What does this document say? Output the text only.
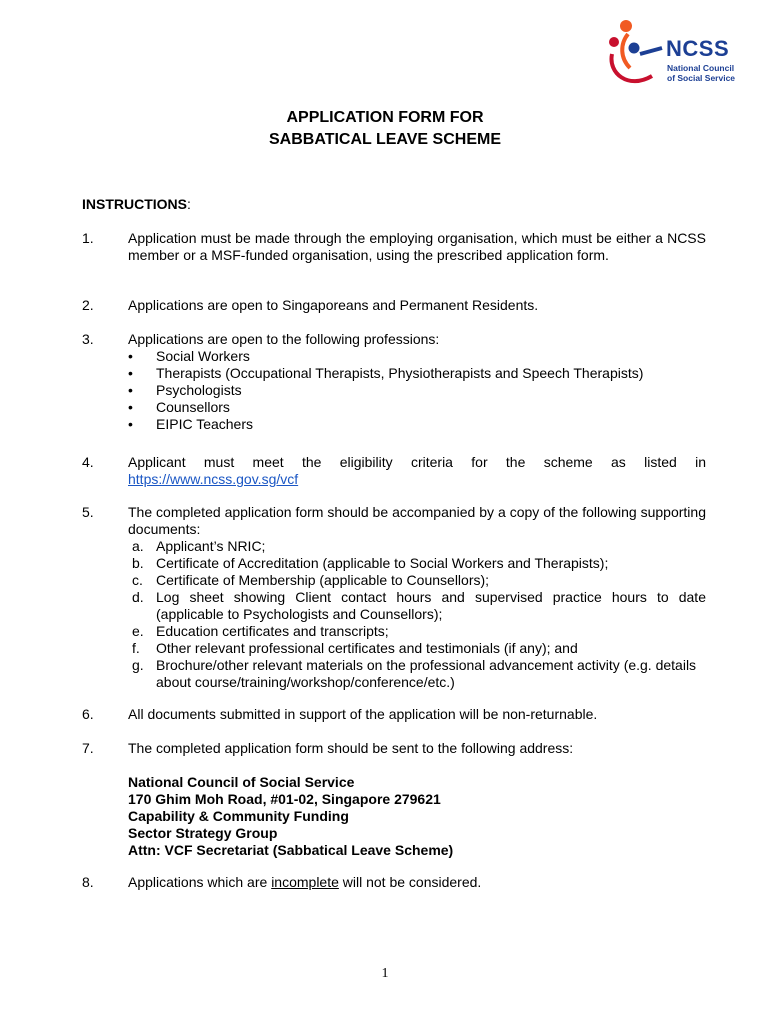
NCSS
National Council
of Social Service
APPLICATION FORM FOR
SABBATICAL LEAVE SCHEME
INSTRUCTIONS:
1. Application must be made through the employing organisation, which must be either a NCSS member or a MSF-funded organisation, using the prescribed application form.
2. Applications are open to Singaporeans and Permanent Residents.
3. Applications are open to the following professions:
• Social Workers
• Therapists (Occupational Therapists, Physiotherapists and Speech Therapists)
• Psychologists
• Counsellors
• EIPIC Teachers
4. Applicant must meet the eligibility criteria for the scheme as listed in
https://www.ncss.gov.sg/vcf
5. The completed application form should be accompanied by a copy of the following supporting documents:
a. Applicant’s NRIC;
b. Certificate of Accreditation (applicable to Social Workers and Therapists);
c. Certificate of Membership (applicable to Counsellors);
d. Log sheet showing Client contact hours and supervised practice hours to date (applicable to Psychologists and Counsellors);
e. Education certificates and transcripts;
f. Other relevant professional certificates and testimonials (if any); and
g. Brochure/other relevant materials on the professional advancement activity (e.g. details about course/training/workshop/conference/etc.)
6. All documents submitted in support of the application will be non-returnable.
7. The completed application form should be sent to the following address:
National Council of Social Service
170 Ghim Moh Road, #01-02, Singapore 279621
Capability & Community Funding
Sector Strategy Group
Attn: VCF Secretariat (Sabbatical Leave Scheme)
8. Applications which are incomplete will not be considered.
1
